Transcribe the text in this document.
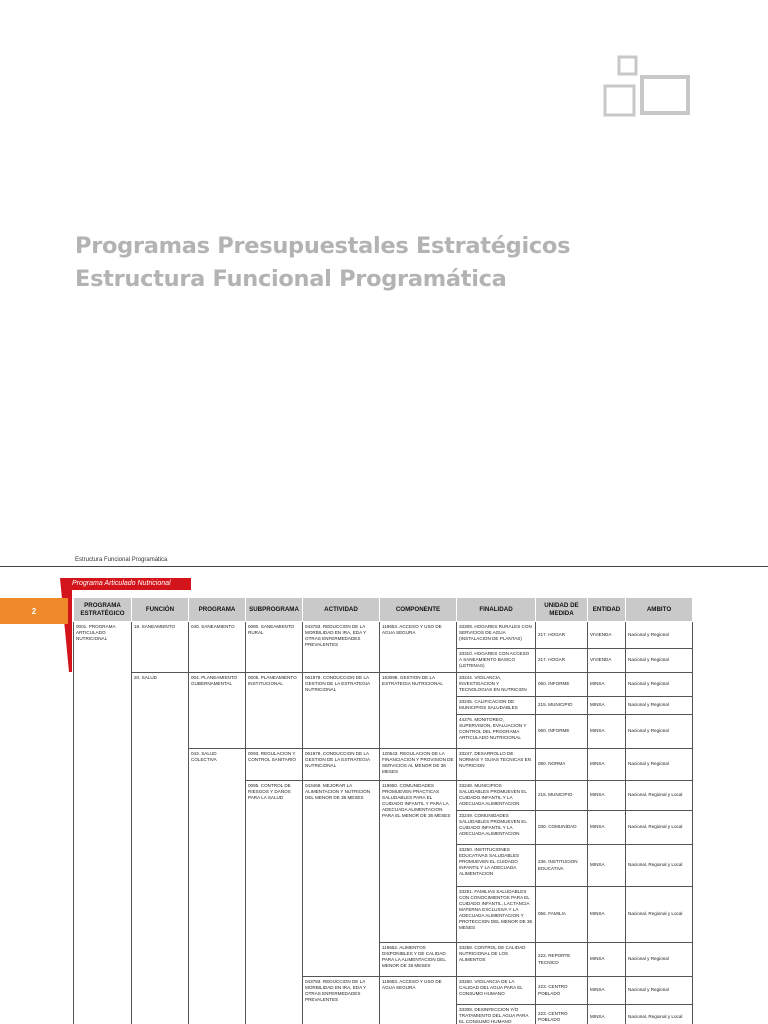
Programas Presupuestales Estratégicos
Estructura Funcional Programática
Estructura Funcional Programática
Programa Articulado Nutricional
2
PROGRAMA ESTRATÉGICO	FUNCIÓN	PROGRAMA	SUBPROGRAMA	ACTIVIDAD	COMPONENTE	FINALIDAD	UNIDAD DE MEDIDA	ENTIDAD	AMBITO
0001. PROGRAMA ARTICULADO NUTRICIONAL	18. SANEAMIENTO	040. SANEAMIENTO	0080. SANEAMIENTO RURAL	043783. REDUCCION DE LA MORBILIDAD EN IRA, EDA Y OTRAS ENFERMEDADES PREVALENTES	119653. ACCESO Y USO DE AGUA SEGURA	33309. HOGARES RURALES CON SERVICIOS DE AGUA (INSTALACION DE PLANTAS)	217. HOGAR	VIVIENDA	Nacional y Regional
						33310. HOGARES CON ACCESO A SANEAMIENTO BASICO (LETRINAS)	217. HOGAR	VIVIENDA	Nacional y Regional
	20. SALUD	004. PLANEAMIENTO GUBERNAMENTAL	0005. PLANEAMIENTO INSTITUCIONAL	061978. CONDUCCION DE LA GESTION DE LA ESTRATEGIA NUTRICIONAL	163098. GESTION DE LA ESTRATEGIA NUTRICIONAL	33244. VIGILANCIA, INVESTIGACION Y TECNOLOGIAS EN NUTRICION	060. INFORME	MINSA	Nacional y Regional
						33245. CALIFICACION DE MUNICIPIOS SALUDABLES	215. MUNICIPIO	MINSA	Nacional y Regional
						44276. MONITOREO, SUPERVISION, EVALUACION Y CONTROL DEL PROGRAMA ARTICULADO NUTRICIONAL	060. INFORME	MINSA	Nacional y Regional
		043. SALUD COLECTIVA	0093. REGULACION Y CONTROL SANITARIO	061978. CONDUCCION DE LA GESTION DE LA ESTRATEGIA NUTRICIONAL	120543. REGULACION DE LA FINANCIACION Y PROVISION DE SERVICIOS AL MENOR DE 36 MESES	33247. DESARROLLO DE NORMAS Y GUIAS TECNICAS EN NUTRICION	080. NORMA	MINSA	Nacional y Regional
			0095. CONTROL DE RIESGOS Y DAÑOS PARA LA SALUD	043469. MEJORAR LA ALIMENTACION Y NUTRICION DEL MENOR DE 36 MESES	119650. COMUNIDADES PROMUEVEN PRACTICAS SALUDABLES PARA EL CUIDADO INFANTIL Y PARA LA ADECUADA ALIMENTACION PARA EL MENOR DE 36 MESES	33248. MUNICIPIOS SALUDABLES PROMUEVEN EL CUIDADO INFANTIL Y LA ADECUADA ALIMENTACION	215. MUNICIPIO	MINSA	Nacional, Regional y Local
						33249. COMUNIDADES SALUDABLES PROMUEVEN EL CUIDADO INFANTIL Y LA ADECUADA ALIMENTACION	030. COMUNIDAD	MINSA	Nacional, Regional y Local
						33250. INSTITUCIONES EDUCATIVAS SALUDABLES PROMUEVEN EL CUIDADO INFANTIL Y LA ADECUADA ALIMENTACION	236. INSTITUCION EDUCATIVA	MINSA	Nacional, Regional y Local
						33251. FAMILIAS SALUDABLES CON CONOCIMIENTOS PARA EL CUIDADO INFANTIL, LACTANCIA MATERNA EXCLUSIVA Y LA ADECUADA ALIMENTACION Y PROTECCION DEL MENOR DE 36 MESES	056. FAMILIA	MINSA	Nacional, Regional y Local
					119652. ALIMENTOS DISPONIBLES Y DE CALIDAD PARA LA ALIMENTACION DEL MENOR DE 36 MESES	33258. CONTROL DE CALIDAD NUTRICIONAL DE LOS ALIMENTOS	222. REPORTE TECNICO	MINSA	Nacional y Regional
				043783. REDUCCION DE LA MORBILIDAD EN IRA, EDA Y OTRAS ENFERMEDADES PREVALENTES	119653. ACCESO Y USO DE AGUA SEGURA	33260. VIGILANCIA DE LA CALIDAD DEL AGUA PARA EL CONSUMO HUMANO	223. CENTRO POBLADO	MINSA	Nacional y Regional
						33308. DESINFECCION Y/O TRATAMIENTO DEL AGUA PARA EL CONSUMO HUMANO	223. CENTRO POBLADO	MINSA	Nacional, Regional y Local
